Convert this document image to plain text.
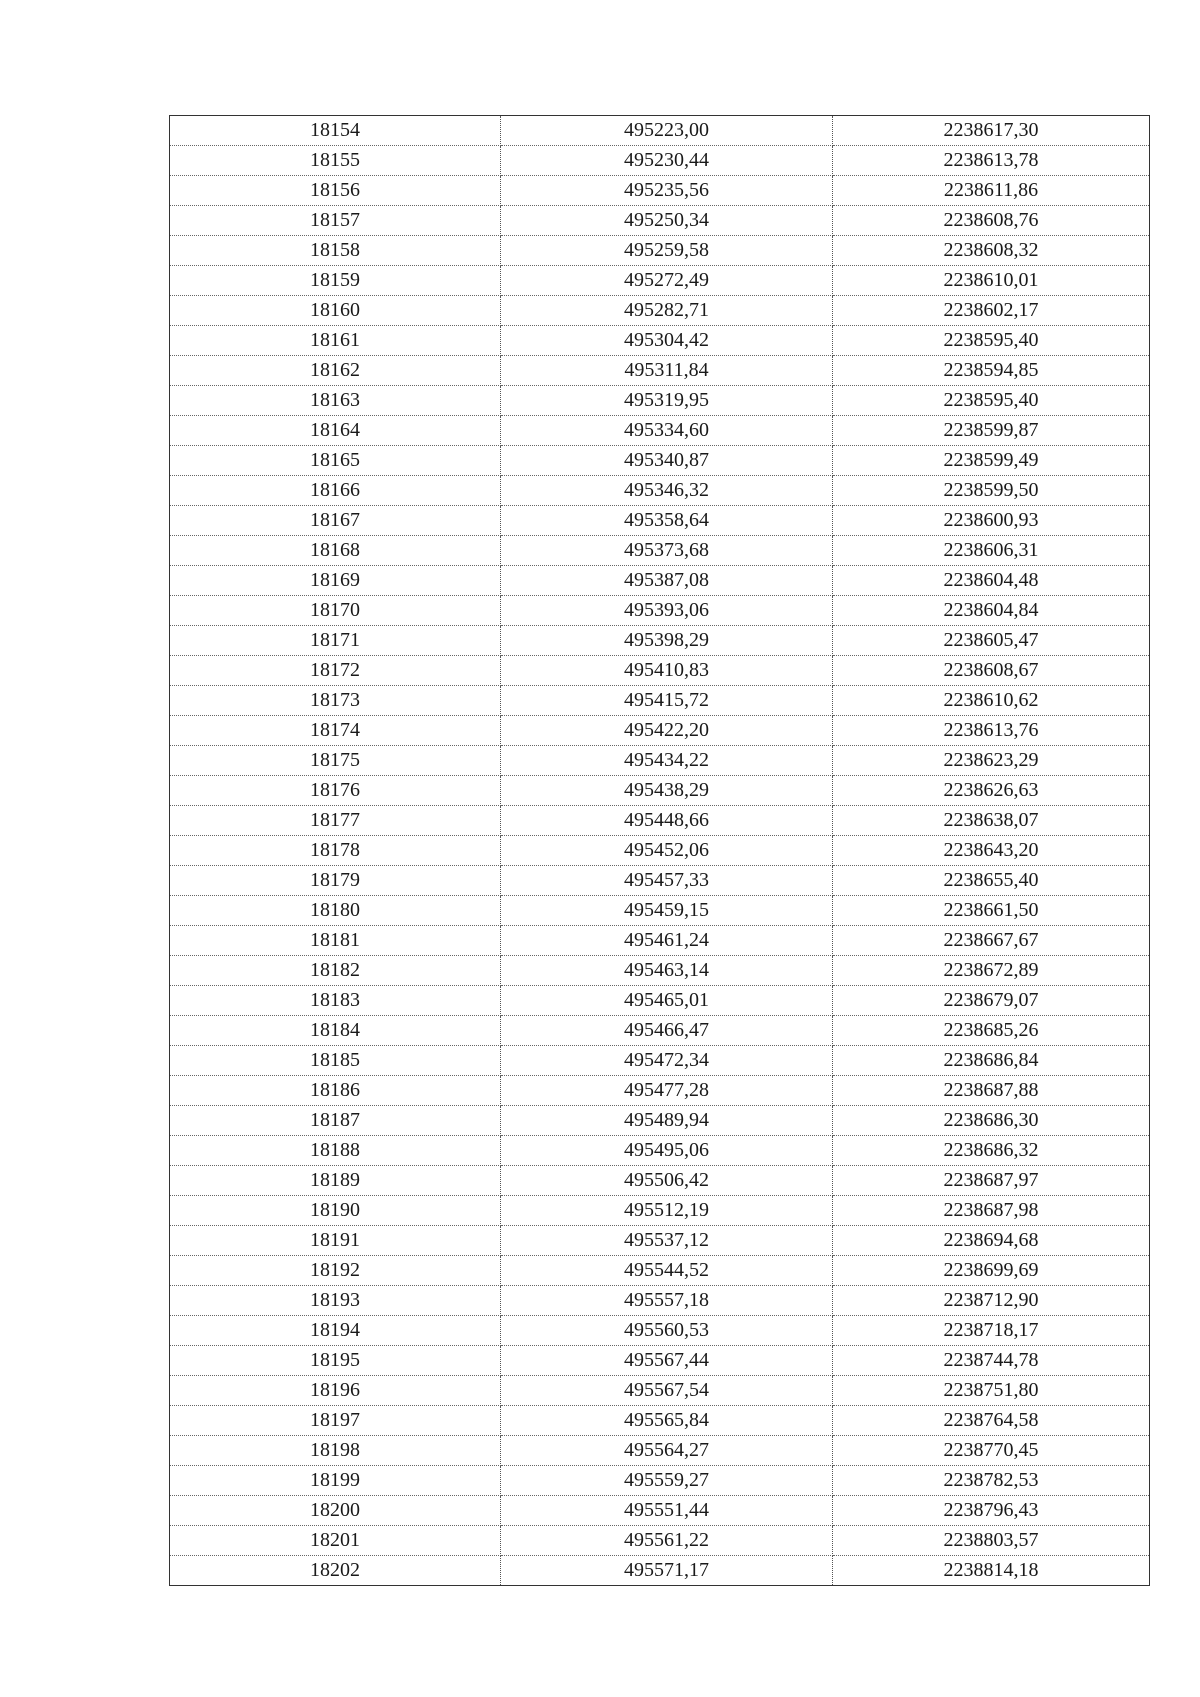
18154	495223,00	2238617,30
18155	495230,44	2238613,78
18156	495235,56	2238611,86
18157	495250,34	2238608,76
18158	495259,58	2238608,32
18159	495272,49	2238610,01
18160	495282,71	2238602,17
18161	495304,42	2238595,40
18162	495311,84	2238594,85
18163	495319,95	2238595,40
18164	495334,60	2238599,87
18165	495340,87	2238599,49
18166	495346,32	2238599,50
18167	495358,64	2238600,93
18168	495373,68	2238606,31
18169	495387,08	2238604,48
18170	495393,06	2238604,84
18171	495398,29	2238605,47
18172	495410,83	2238608,67
18173	495415,72	2238610,62
18174	495422,20	2238613,76
18175	495434,22	2238623,29
18176	495438,29	2238626,63
18177	495448,66	2238638,07
18178	495452,06	2238643,20
18179	495457,33	2238655,40
18180	495459,15	2238661,50
18181	495461,24	2238667,67
18182	495463,14	2238672,89
18183	495465,01	2238679,07
18184	495466,47	2238685,26
18185	495472,34	2238686,84
18186	495477,28	2238687,88
18187	495489,94	2238686,30
18188	495495,06	2238686,32
18189	495506,42	2238687,97
18190	495512,19	2238687,98
18191	495537,12	2238694,68
18192	495544,52	2238699,69
18193	495557,18	2238712,90
18194	495560,53	2238718,17
18195	495567,44	2238744,78
18196	495567,54	2238751,80
18197	495565,84	2238764,58
18198	495564,27	2238770,45
18199	495559,27	2238782,53
18200	495551,44	2238796,43
18201	495561,22	2238803,57
18202	495571,17	2238814,18
